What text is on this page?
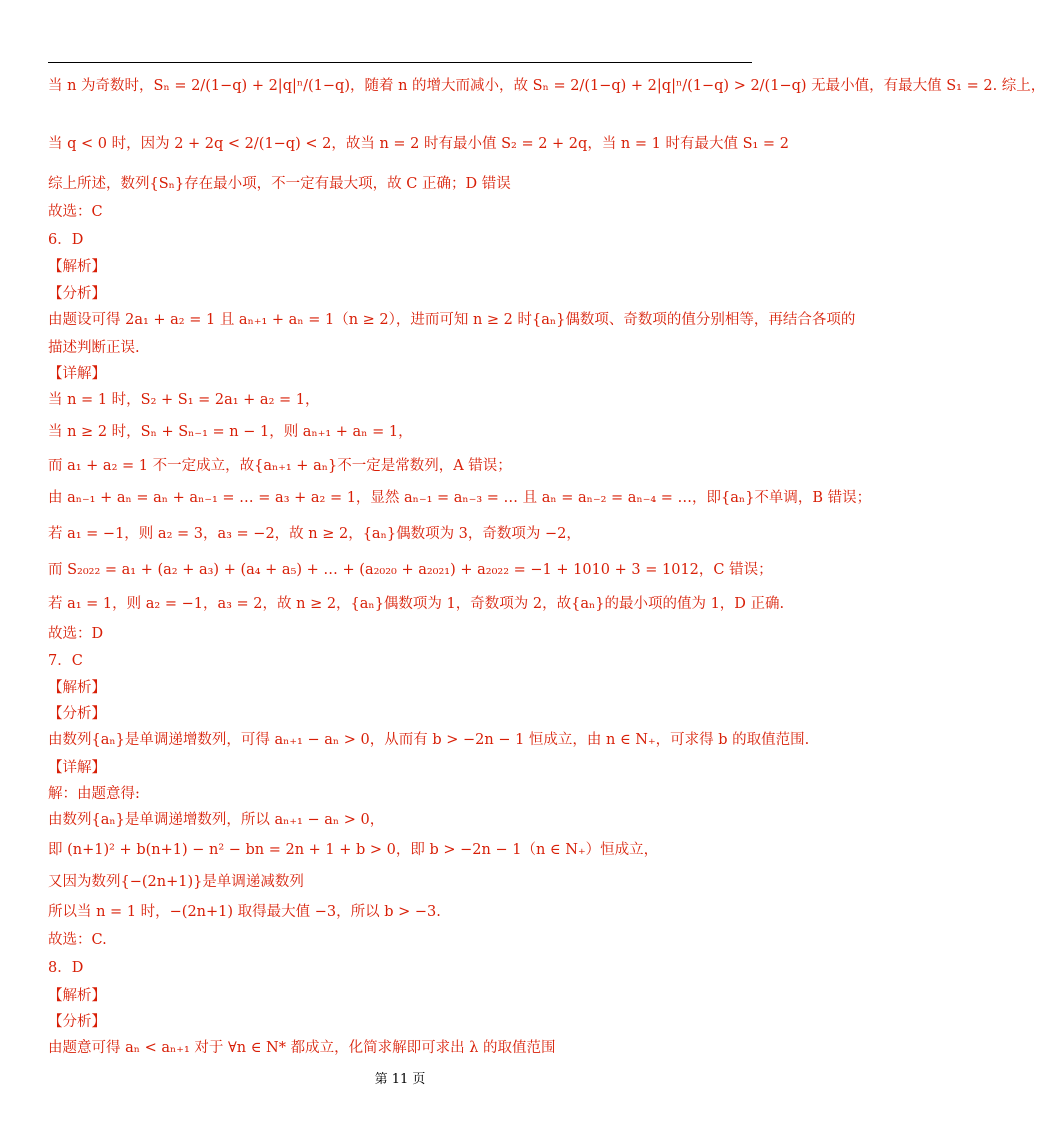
当 n 为奇数时，Sₙ = 2/(1−q) + 2|q|ⁿ/(1−q)，随着 n 的增大而减小，故 Sₙ = 2/(1−q) + 2|q|ⁿ/(1−q) > 2/(1−q) 无最小值，有最大值 S₁ = 2. 综上，
当 q < 0 时，因为 2 + 2q < 2/(1−q) < 2，故当 n = 2 时有最小值 S₂ = 2 + 2q，当 n = 1 时有最大值 S₁ = 2
综上所述，数列{Sₙ}存在最小项，不一定有最大项，故 C 正确；D 错误
故选：C
6．D
【解析】
【分析】
由题设可得 2a₁ + a₂ = 1 且 aₙ₊₁ + aₙ = 1（n ≥ 2），进而可知 n ≥ 2 时{aₙ}偶数项、奇数项的值分别相等，再结合各项的
描述判断正误.
【详解】
当 n = 1 时，S₂ + S₁ = 2a₁ + a₂ = 1，
当 n ≥ 2 时，Sₙ + Sₙ₋₁ = n − 1，则 aₙ₊₁ + aₙ = 1，
而 a₁ + a₂ = 1 不一定成立，故{aₙ₊₁ + aₙ}不一定是常数列，A 错误；
由 aₙ₋₁ + aₙ = aₙ + aₙ₋₁ = … = a₃ + a₂ = 1，显然 aₙ₋₁ = aₙ₋₃ = … 且 aₙ = aₙ₋₂ = aₙ₋₄ = …，即{aₙ}不单调，B 错误；
若 a₁ = −1，则 a₂ = 3，a₃ = −2，故 n ≥ 2，{aₙ}偶数项为 3，奇数项为 −2，
而 S₂₀₂₂ = a₁ + (a₂ + a₃) + (a₄ + a₅) + … + (a₂₀₂₀ + a₂₀₂₁) + a₂₀₂₂ = −1 + 1010 + 3 = 1012，C 错误；
若 a₁ = 1，则 a₂ = −1，a₃ = 2，故 n ≥ 2，{aₙ}偶数项为 1，奇数项为 2，故{aₙ}的最小项的值为 1，D 正确.
故选：D
7．C
【解析】
【分析】
由数列{aₙ}是单调递增数列，可得 aₙ₊₁ − aₙ > 0，从而有 b > −2n − 1 恒成立，由 n ∈ N₊，可求得 b 的取值范围.
【详解】
解：由题意得:
由数列{aₙ}是单调递增数列，所以 aₙ₊₁ − aₙ > 0，
即 (n+1)² + b(n+1) − n² − bn = 2n + 1 + b > 0，即 b > −2n − 1（n ∈ N₊）恒成立，
又因为数列{−(2n+1)}是单调递减数列
所以当 n = 1 时，−(2n+1) 取得最大值 −3，所以 b > −3.
故选：C.
8．D
【解析】
【分析】
由题意可得 aₙ < aₙ₊₁ 对于 ∀n ∈ N* 都成立，化简求解即可求出 λ 的取值范围
第 11 页
